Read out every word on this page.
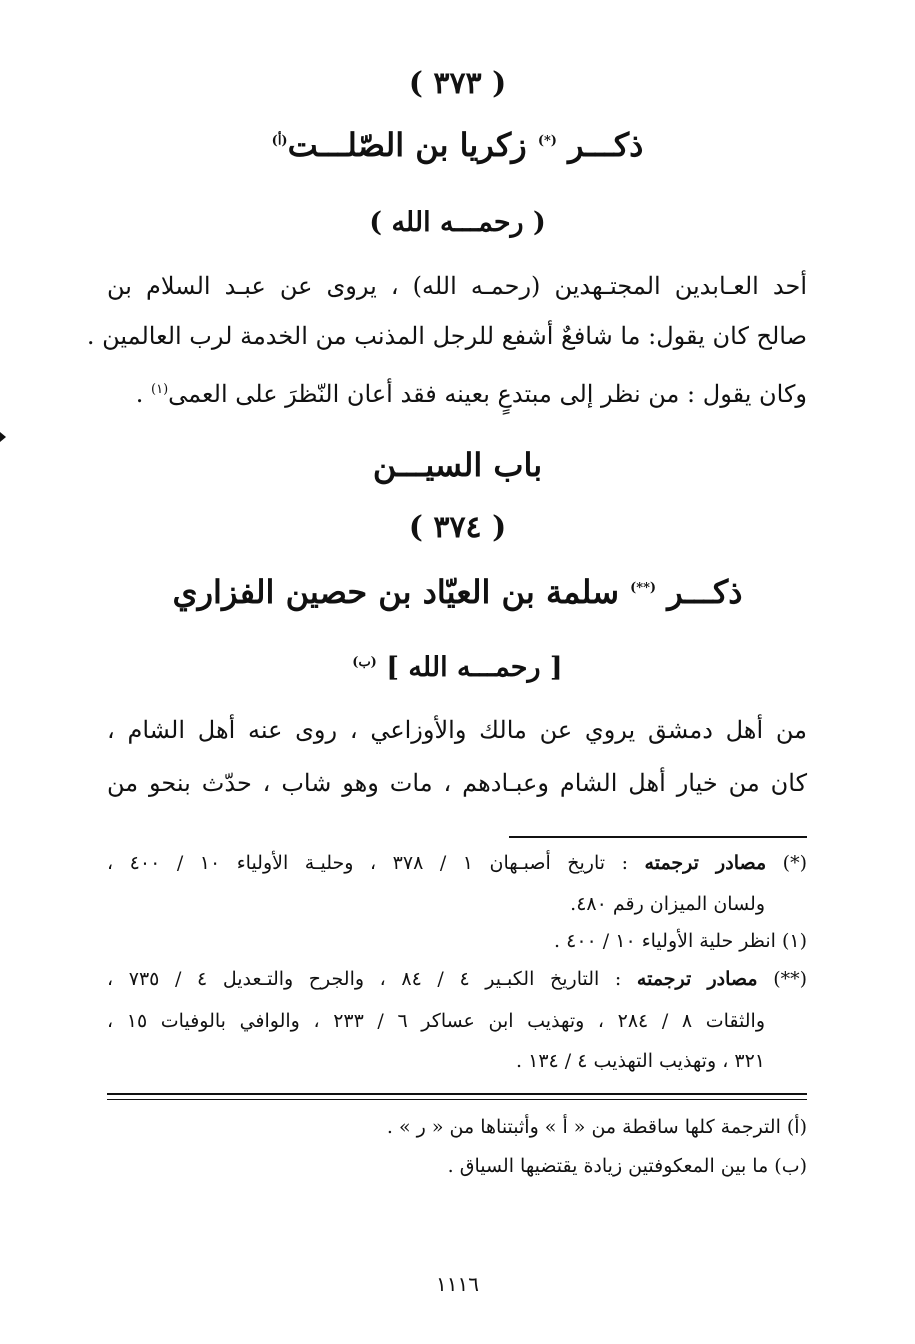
( ٣٧٣ )
ذكـــر (*) زكريا بن الصّلـــت$^{(أ)}$
( رحمـــه الله )
أحد العـابدين المجتـهدين (رحمـه الله) ، يروى عن عبـد السلام بن
صالح كان يقول: ما شافعٌ أشفع للرجل المذنب من الخدمة لرب العالمين .
وكان يقول : من نظر إلى مبتدعٍ بعينه فقد أعان النّظرَ على العمى$^{(١)}$ .
باب السيـــن
( ٣٧٤ )
ذكـــر (**) سلمة بن العيّاد بن حصين الفزاري
[ رحمـــه الله ] $^{(ب)}$
من أهل دمشق يروي عن مالك والأوزاعي ، روى عنه أهل الشام ،
كان من خيار أهل الشام وعبـادهم ، مات وهو شاب ، حدّث بنحو من
(*) مصادر ترجمته : تاريخ أصبـهان ١ / ٣٧٨ ، وحليـة الأولياء ١٠ / ٤٠٠ ،
ولسان الميزان رقم ٤٨٠.
(١) انظر حلية الأولياء ١٠ / ٤٠٠ .
(**) مصادر ترجمته : التاريخ الكبـير ٤ / ٨٤ ، والجرح والتـعديل ٤ / ٧٣٥ ،
والثقات ٨ / ٢٨٤ ، وتهذيب ابن عساكر ٦ / ٢٣٣ ، والوافي بالوفيات ١٥ ،
٣٢١ ، وتهذيب التهذيب ٤ / ١٣٤ .
(أ) الترجمة كلها ساقطة من « أ » وأثبتناها من « ر » .
(ب) ما بين المعكوفتين زيادة يقتضيها السياق .
١١١٦
